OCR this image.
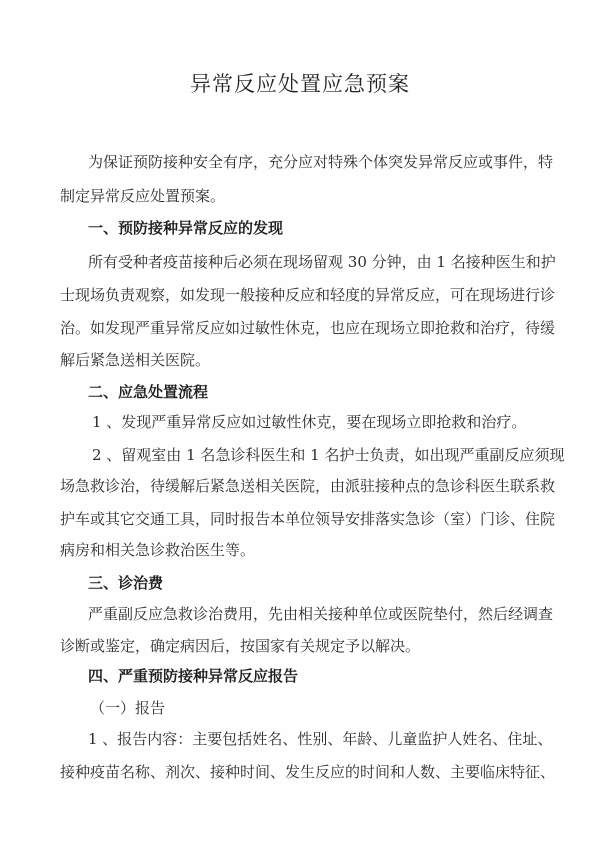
异常反应处置应急预案
为保证预防接种安全有序，充分应对特殊个体突发异常反应或事件，特
制定异常反应处置预案。
一、预防接种异常反应的发现
所有受种者疫苗接种后必须在现场留观 30 分钟，由 1 名接种医生和护
士现场负责观察，如发现一般接种反应和轻度的异常反应，可在现场进行诊
治。如发现严重异常反应如过敏性休克，也应在现场立即抢救和治疗，待缓
解后紧急送相关医院。
二、应急处置流程
1 、发现严重异常反应如过敏性休克，要在现场立即抢救和治疗。
2 、留观室由 1 名急诊科医生和 1 名护士负责，如出现严重副反应须现
场急救诊治，待缓解后紧急送相关医院，由派驻接种点的急诊科医生联系救
护车或其它交通工具，同时报告本单位领导安排落实急诊（室）门诊、住院
病房和相关急诊救治医生等。
三、诊治费
严重副反应急救诊治费用，先由相关接种单位或医院垫付，然后经调查
诊断或鉴定，确定病因后，按国家有关规定予以解决。
四、严重预防接种异常反应报告
（一）报告
1 、报告内容：主要包括姓名、性别、年龄、儿童监护人姓名、住址、
接种疫苗名称、剂次、接种时间、发生反应的时间和人数、主要临床特征、
